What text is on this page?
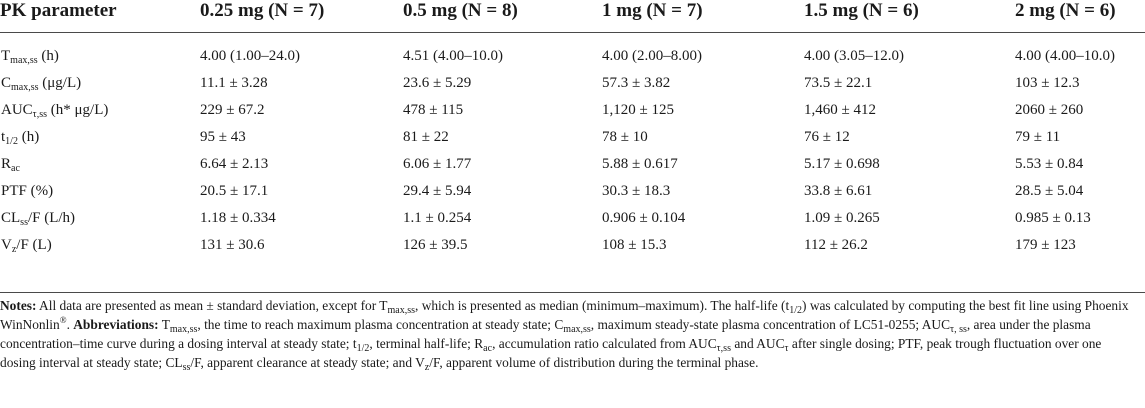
PK parameter	0.25 mg (N = 7)	0.5 mg (N = 8)	1 mg (N = 7)	1.5 mg (N = 6)	2 mg (N = 6)

$T_{max,ss}$ (h)	4.00 (1.00–24.0)	4.51 (4.00–10.0)	4.00 (2.00–8.00)	4.00 (3.05–12.0)	4.00 (4.00–10.0)
$C_{max,ss}$ (μg/L)	11.1 ± 3.28	23.6 ± 5.29	57.3 ± 3.82	73.5 ± 22.1	103 ± 12.3
$AUC_{\tau,ss}$ (h* μg/L)	229 ± 67.2	478 ± 115	1,120 ± 125	1,460 ± 412	2060 ± 260
$t_{1/2}$ (h)	95 ± 43	81 ± 22	78 ± 10	76 ± 12	79 ± 11
$R_{ac}$	6.64 ± 2.13	6.06 ± 1.77	5.88 ± 0.617	5.17 ± 0.698	5.53 ± 0.84
PTF (%)	20.5 ± 17.1	29.4 ± 5.94	30.3 ± 18.3	33.8 ± 6.61	28.5 ± 5.04
$CL_{ss}/F$ (L/h)	1.18 ± 0.334	1.1 ± 0.254	0.906 ± 0.104	1.09 ± 0.265	0.985 ± 0.13
$V_z/F$ (L)	131 ± 30.6	126 ± 39.5	108 ± 15.3	112 ± 26.2	179 ± 123
Notes: All data are presented as mean ± standard deviation, except for $T_{max,ss}$, which is presented as median (minimum–maximum). The half-life $(t_{1/2})$ was calculated by computing the best fit line using Phoenix WinNonlin®. Abbreviations: $T_{max,ss}$, the time to reach maximum plasma concentration at steady state; $C_{max,ss}$, maximum steady-state plasma concentration of LC51-0255; $AUC_{\tau, ss}$, area under the plasma concentration–time curve during a dosing interval at steady state; $t_{1/2}$, terminal half-life; $R_{ac}$, accumulation ratio calculated from $AUC_{\tau,ss}$ and $AUC_\tau$ after single dosing; PTF, peak trough fluctuation over one dosing interval at steady state; $CL_{ss}/F$, apparent clearance at steady state; and $V_z/F$, apparent volume of distribution during the terminal phase.
